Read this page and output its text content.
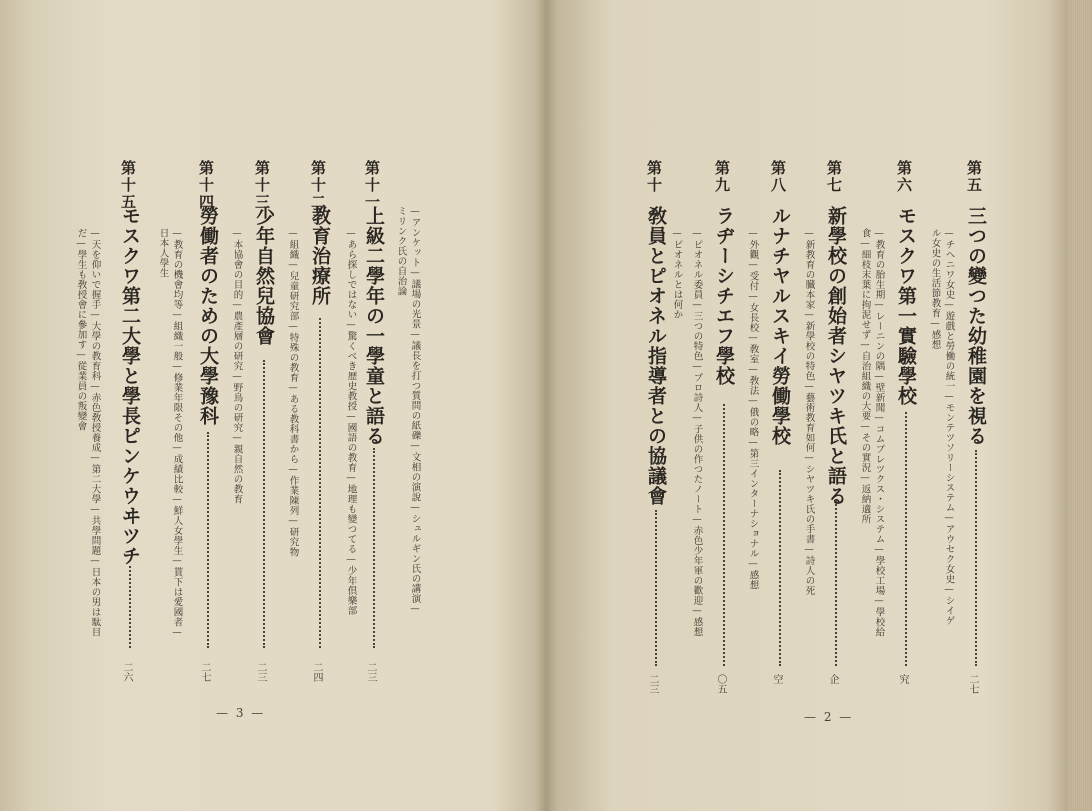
第十一
—アンケット—議場の光景—議長を打つ質問の紙礫—文相の演說—シュルギン氏の講演—
ミリンク氏の自治論
上級二學年の一學童と語る
—あら探しではない—驚くべき歴史教授—國語の教育—地理も變つてる—少年倶樂部
二三
第十二
教育治療所
—組織—兒童研究部—特殊の教育—ある教科書から—作業陳列—研究物
二四
第十三
少年自然兒協會
—本協會の目的—農產層の研究—野鳥の研究—親自然の教育
二三
第十四
勞働者のための大學豫科
—教育の機會均等—組織一般—修業年限その他—成績比較—鮮人女學生—貰下は愛國者—
日本人學生
二七
第十五
モスクワ第二大學と學長ピンケウヰツチ
—天を仰いで握手—大學の教育科—赤色敎授養成—第二大學—共學問題—日本の男は駄目
だ—學生も敎授會に參加す—從業員の叛變會
二六
— 3 —
第五
三つの變つた幼稚園を視る
—チヘニワ女史—遊戲と勞働の統一—モンテツソリーシステム—アウセク女史—シイゲ
ル女史の生活節教育—感想
二七
第六
モスクワ第一實驗學校
—教育の胎生期—レーニンの隅—壁新聞—コムプレツクス・システム—學校工場—學校給
食—細枝末葉に拘泥せず—自治組織の大要—その實況—返納適所
究
第七
新學校の創始者シヤツキ氏と語る
—新教育の臓本家—新學校の特色—藝術教育如何—シヤツキ氏の手書—詩人の死
企
第八
ルナチヤルスキイ勞働學校
—外觀—受付—女長校—敎室—敎法—俄の略—第三インターナショナル—感想
空
第九
ラヂーシチエフ學校
—ピオネル委員—三つの特色—プロ詩人—子供の作つたノート—赤色少年軍の歡迎—感想
〇五
第十
敎員とピオネル指導者との協議會 —ピオネルとは何か
二三
— 2 —
